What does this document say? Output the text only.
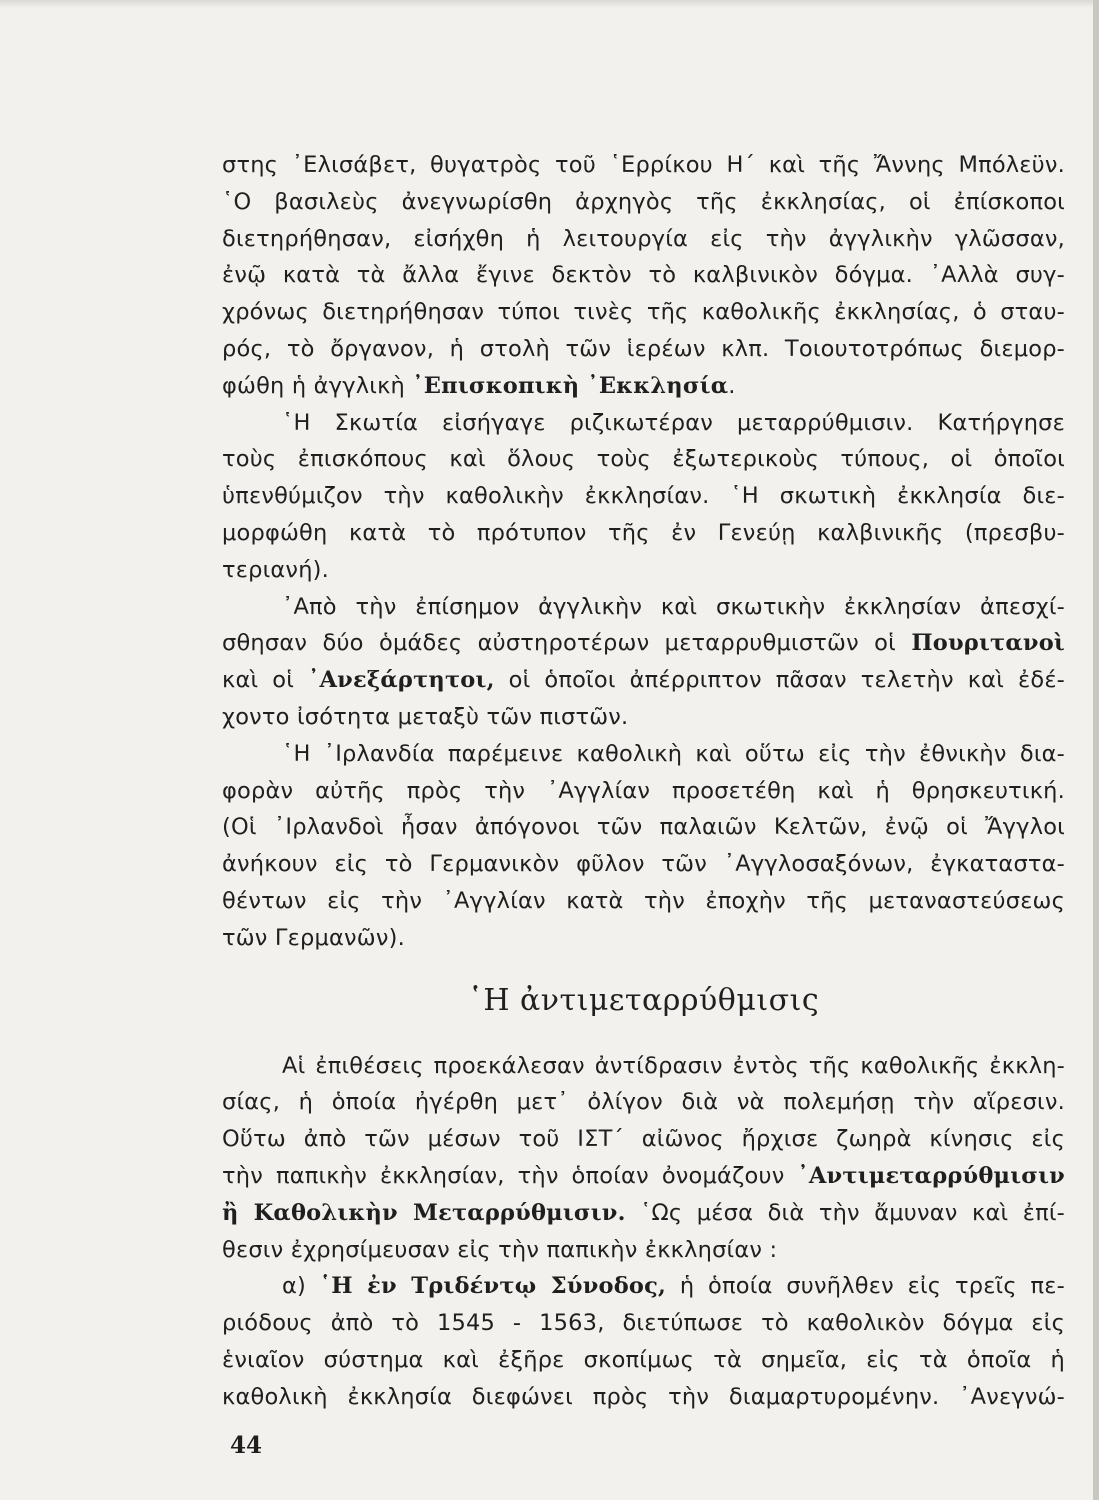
στης ᾿Ελισάβετ, θυγατρὸς τοῦ ῾Ερρίκου Η΄ καὶ τῆς Ἄννης Μπόλεϋν.
῾Ο βασιλεὺς ἀνεγνωρίσθη ἀρχηγὸς τῆς ἐκκλησίας, οἱ ἐπίσκοποι
διετηρήθησαν, εἰσήχθη ἡ λειτουργία εἰς τὴν ἀγγλικὴν γλῶσσαν,
ἐνῷ κατὰ τὰ ἄλλα ἔγινε δεκτὸν τὸ καλβινικὸν δόγμα. ᾿Αλλὰ συγ-
χρόνως διετηρήθησαν τύποι τινὲς τῆς καθολικῆς ἐκκλησίας, ὁ σταυ-
ρός, τὸ ὄργανον, ἡ στολὴ τῶν ἱερέων κλπ. Τοιουτοτρόπως διεμορ-
φώθη ἡ ἀγγλικὴ ᾿Επισκοπικὴ ᾿Εκκλησία.

῾Η Σκωτία εἰσήγαγε ριζικωτέραν μεταρρύθμισιν. Κατήργησε
τοὺς ἐπισκόπους καὶ ὅλους τοὺς ἐξωτερικοὺς τύπους, οἱ ὁποῖοι
ὑπενθύμιζον τὴν καθολικὴν ἐκκλησίαν. ῾Η σκωτικὴ ἐκκλησία διε-
μορφώθη κατὰ τὸ πρότυπον τῆς ἐν Γενεύῃ καλβινικῆς (πρεσβυ-
τεριανή).

᾿Απὸ τὴν ἐπίσημον ἀγγλικὴν καὶ σκωτικὴν ἐκκλησίαν ἀπεσχί-
σθησαν δύο ὁμάδες αὐστηροτέρων μεταρρυθμιστῶν οἱ Πουριτανοὶ
καὶ οἱ ᾿Ανεξάρτητοι, οἱ ὁποῖοι ἀπέρριπτον πᾶσαν τελετὴν καὶ ἐδέ-
χοντο ἰσότητα μεταξὺ τῶν πιστῶν.

῾Η ᾿Ιρλανδία παρέμεινε καθολικὴ καὶ οὕτω εἰς τὴν ἐθνικὴν δια-
φορὰν αὐτῆς πρὸς τὴν ᾿Αγγλίαν προσετέθη καὶ ἡ θρησκευτική.
(Οἱ ᾿Ιρλανδοὶ ἦσαν ἀπόγονοι τῶν παλαιῶν Κελτῶν, ἐνῷ οἱ Ἄγγλοι
ἀνήκουν εἰς τὸ Γερμανικὸν φῦλον τῶν ᾿Αγγλοσαξόνων, ἐγκαταστα-
θέντων εἰς τὴν ᾿Αγγλίαν κατὰ τὴν ἐποχὴν τῆς μεταναστεύσεως
τῶν Γερμανῶν).

῾Η ἀντιμεταρρύθμισις

Αἱ ἐπιθέσεις προεκάλεσαν ἀντίδρασιν ἐντὸς τῆς καθολικῆς ἐκκλη-
σίας, ἡ ὁποία ἠγέρθη μετ᾿ ὀλίγον διὰ νὰ πολεμήσῃ τὴν αἵρεσιν.
Οὕτω ἀπὸ τῶν μέσων τοῦ ΙΣΤ΄ αἰῶνος ἤρχισε ζωηρὰ κίνησις εἰς
τὴν παπικὴν ἐκκλησίαν, τὴν ὁποίαν ὀνομάζουν ᾿Αντιμεταρρύθμισιν
ἢ Καθολικὴν Μεταρρύθμισιν. ῾Ως μέσα διὰ τὴν ἄμυναν καὶ ἐπί-
θεσιν ἐχρησίμευσαν εἰς τὴν παπικὴν ἐκκλησίαν :

α) ῾Η ἐν Τριδέντῳ Σύνοδος, ἡ ὁποία συνῆλθεν εἰς τρεῖς πε-
ριόδους ἀπὸ τὸ 1545 - 1563, διετύπωσε τὸ καθολικὸν δόγμα εἰς
ἑνιαῖον σύστημα καὶ ἐξῆρε σκοπίμως τὰ σημεῖα, εἰς τὰ ὁποῖα ἡ
καθολικὴ ἐκκλησία διεφώνει πρὸς τὴν διαμαρτυρομένην. ᾿Ανεγνώ-

44
